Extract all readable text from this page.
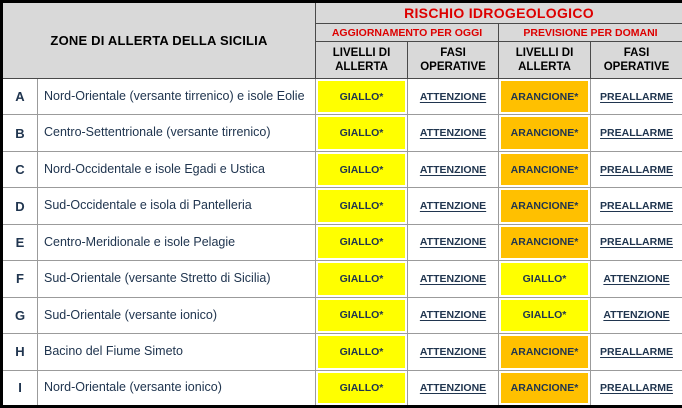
ZONE DI ALLERTA DELLA SICILIA		RISCHIO IDROGEOLOGICO			
		AGGIORNAMENTO PER OGGI		PREVISIONE PER DOMANI	
		LIVELLI DI ALLERTA	FASI OPERATIVE	LIVELLI DI ALLERTA	FASI OPERATIVE
A	Nord-Orientale (versante tirrenico) e isole Eolie	GIALLO*	ATTENZIONE	ARANCIONE*	PREALLARME

B	Centro-Settentrionale (versante tirrenico)	GIALLO*	ATTENZIONE	ARANCIONE*	PREALLARME

C	Nord-Occidentale e isole Egadi e Ustica	GIALLO*	ATTENZIONE	ARANCIONE*	PREALLARME

D	Sud-Occidentale e isola di Pantelleria	GIALLO*	ATTENZIONE	ARANCIONE*	PREALLARME

E	Centro-Meridionale e isole Pelagie	GIALLO*	ATTENZIONE	ARANCIONE*	PREALLARME

F	Sud-Orientale (versante Stretto di Sicilia)	GIALLO*	ATTENZIONE	GIALLO*	ATTENZIONE

G	Sud-Orientale (versante ionico)	GIALLO*	ATTENZIONE	GIALLO*	ATTENZIONE

H	Bacino del Fiume Simeto	GIALLO*	ATTENZIONE	ARANCIONE*	PREALLARME

I	Nord-Orientale (versante ionico)	GIALLO*	ATTENZIONE	ARANCIONE*	PREALLARME
